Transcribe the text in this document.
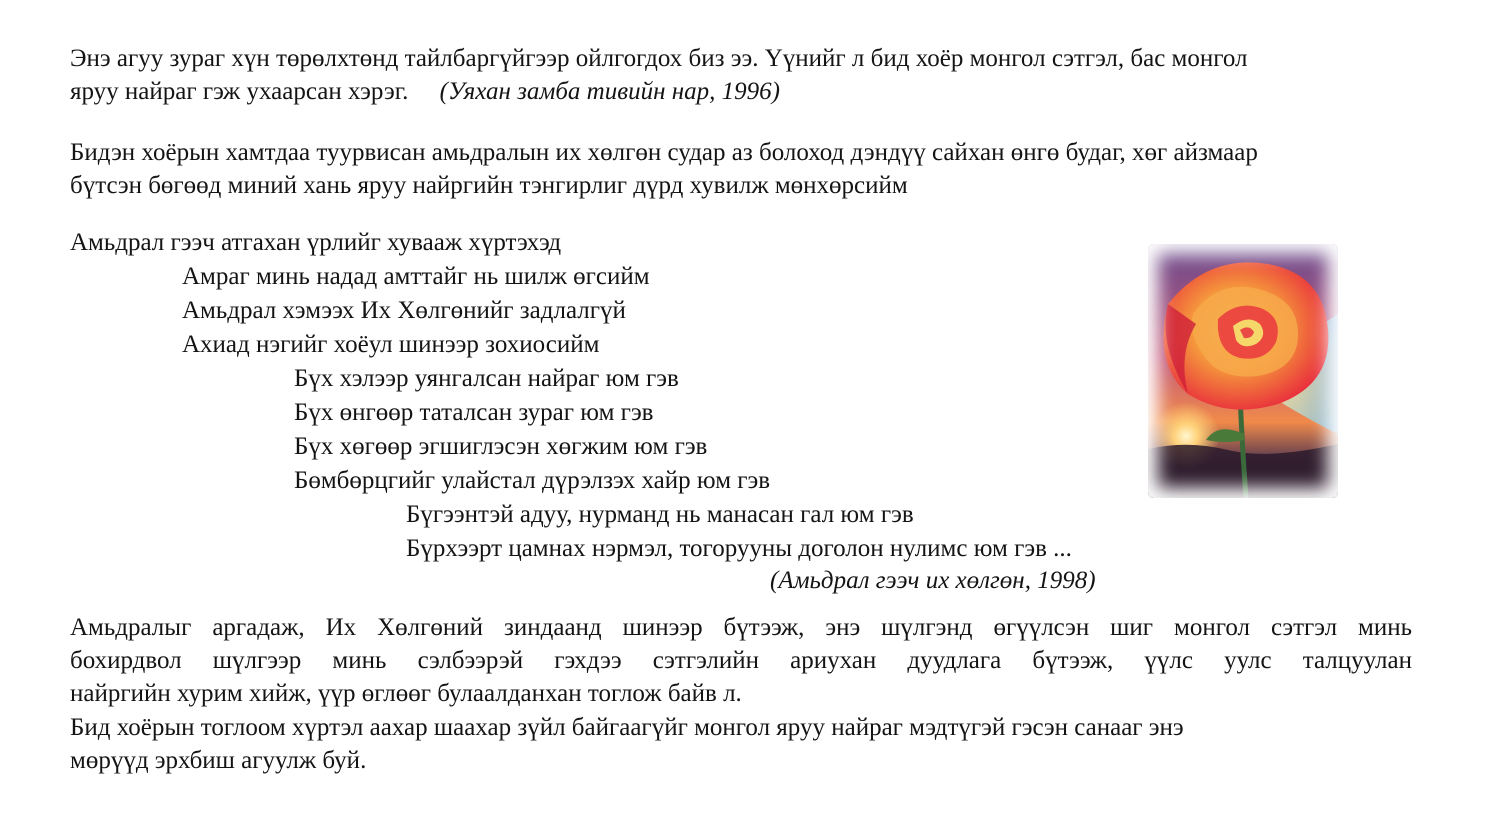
Энэ агуу зураг хүн төрөлхтөнд тайлбаргүйгээр ойлгогдох биз ээ. Үүнийг л бид хоёр монгол сэтгэл, бас монгол
яруу найраг гэж ухаарсан хэрэг. (Уяхан замба тивийн нар, 1996)
Бидэн хоёрын хамтдаа туурвисан амьдралын их хөлгөн судар аз болоход дэндүү сайхан өнгө будаг, хөг айзмаар
бүтсэн бөгөөд миний хань яруу найргийн тэнгирлиг дүрд хувилж мөнхөрсийм
Амьдрал гээч атгахан үрлийг хувааж хүртэхэд
Амраг минь надад амттайг нь шилж өгсийм
Амьдрал хэмээх Их Хөлгөнийг задлалгүй
Ахиад нэгийг хоёул шинээр зохиосийм
Бүх хэлээр уянгалсан найраг юм гэв
Бүх өнгөөр таталсан зураг юм гэв
Бүх хөгөөр эгшиглэсэн хөгжим юм гэв
Бөмбөрцгийг улайстал дүрэлзэх хайр юм гэв
Бүгээнтэй адуу, нурманд нь манасан гал юм гэв
Бүрхээрт цамнах нэрмэл, тогорууны доголон нулимс юм гэв ...
(Амьдрал гээч их хөлгөн, 1998)
Амьдралыг аргадаж, Их Хөлгөний зиндаанд шинээр бүтээж, энэ шүлгэнд өгүүлсэн шиг монгол сэтгэл минь
бохирдвол шүлгээр минь сэлбээрэй гэхдээ сэтгэлийн ариухан дуудлага бүтээж, үүлс уулс талцуулан
найргийн хурим хийж, үүр өглөөг булаалданхан тоглож байв л.
Бид хоёрын тоглоом хүртэл аахар шаахар зүйл байгаагүйг монгол яруу найраг мэдтүгэй гэсэн санааг энэ
мөрүүд эрхбиш агуулж буй.
